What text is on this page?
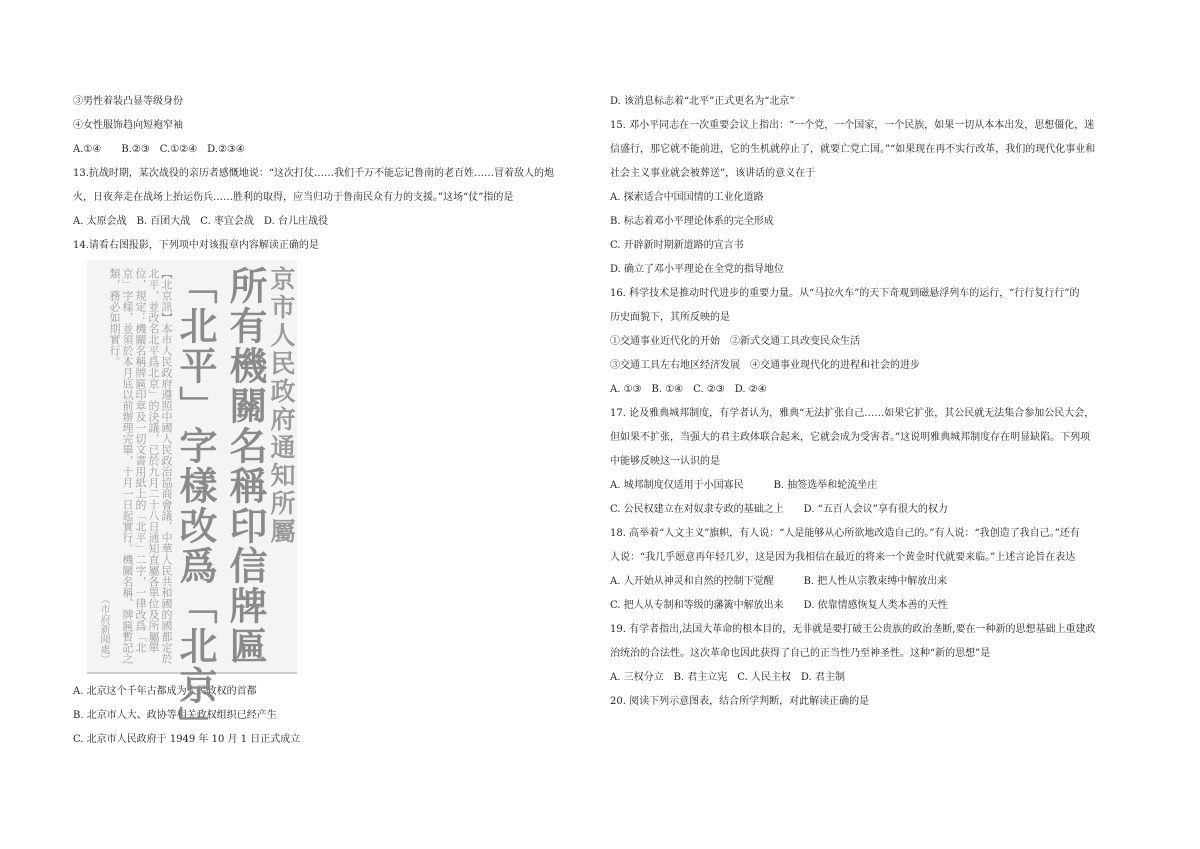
③男性着装凸显等级身份
④女性服饰趋向短袍窄袖
A.①④　　B.②③　C.①②④　D.②③④
13.抗战时期，某次战役的亲历者感慨地说：“这次打仗……我们千万不能忘记鲁南的老百姓……冒着敌人的炮
火，日夜奔走在战场上抬运伤兵……胜利的取得，应当归功于鲁南民众有力的支援。”这场“仗”指的是
A. 太原会战　B. 百团大战　C. 枣宜会战　D. 台儿庄战役
14.请看右图报影，下列项中对该报章内容解读正确的是
京市人民政府通知所屬
所有機關名稱印信牌匾
「北平」字樣改爲「北京」
【北京訊】本市人民政府遵照中國人民政治協商會議，中華人民共和國的國都定於北平，並改名北平爲北京」的決議，已於九月二十八日通知直屬各單位及所屬單位，規定：機關名稱牌匾印章及一切文書用紙上的「北平」二字，一律改爲「北京」字樣，並須於本月底以前辦理完畢，十月一日起實行。機關名稱、牌匾暫記之類，務必如期實行。
（市府新聞處）
A. 北京这个千年古都成为人民政权的首都
B. 北京市人大、政协等相关政权组织已经产生
C. 北京市人民政府于 1949 年 10 月 1 日正式成立
D. 该消息标志着“北平”正式更名为“北京”
15. 邓小平同志在一次重要会议上指出：“一个党，一个国家，一个民族，如果一切从本本出发，思想僵化，迷
信盛行，那它就不能前进，它的生机就停止了，就要亡党亡国。”“如果现在再不实行改革，我们的现代化事业和
社会主义事业就会被葬送”，该讲话的意义在于
A. 探索适合中国国情的工业化道路
B. 标志着邓小平理论体系的完全形成
C. 开辟新时期新道路的宣言书
D. 确立了邓小平理论在全党的指导地位
16. 科学技术是推动时代进步的重要力量。从“马拉火车”的天下奇观到磁悬浮列车的运行，“行行复行行”的
历史面貌下，其所反映的是
①交通事业近代化的开始　②新式交通工具改变民众生活
③交通工具左右地区经济发展　④交通事业现代化的进程和社会的进步
A. ①③　B. ①④　C. ②③　D. ②④
17. 论及雅典城邦制度，有学者认为，雅典“无法扩张自己……如果它扩张，其公民就无法集合参加公民大会，
但如果不扩张，当强大的君主政体联合起来，它就会成为受害者。”这说明雅典城邦制度存在明显缺陷。下列项
中能够反映这一认识的是
A. 城邦制度仅适用于小国寡民　　　B. 抽签选举和轮流坐庄
C. 公民权建立在对奴隶专政的基础之上　　D. “五百人会议”享有很大的权力
18. 高举着“人文主义”旗帜，有人说：“人是能够从心所欲地改造自己的。”有人说：“我创造了我自己。”还有
人说：“我几乎愿意再年轻几岁，这是因为我相信在最近的将来一个黄金时代就要来临。”上述言论旨在表达
A. 人开始从神灵和自然的控制下觉醒　　　B. 把人性从宗教束缚中解放出来
C. 把人从专制和等级的藩篱中解放出来　　D. 依靠情感恢复人类本善的天性
19. 有学者指出,法国大革命的根本目的，无非就是要打破王公贵族的政治垄断,要在一种新的思想基础上重建政
治统治的合法性。这次革命也因此获得了自己的正当性乃至神圣性。这种“新的思想”是
A. 三权分立　B. 君主立宪　C. 人民主权　D. 君主制
20. 阅读下列示意图表，结合所学判断，对此解读正确的是
